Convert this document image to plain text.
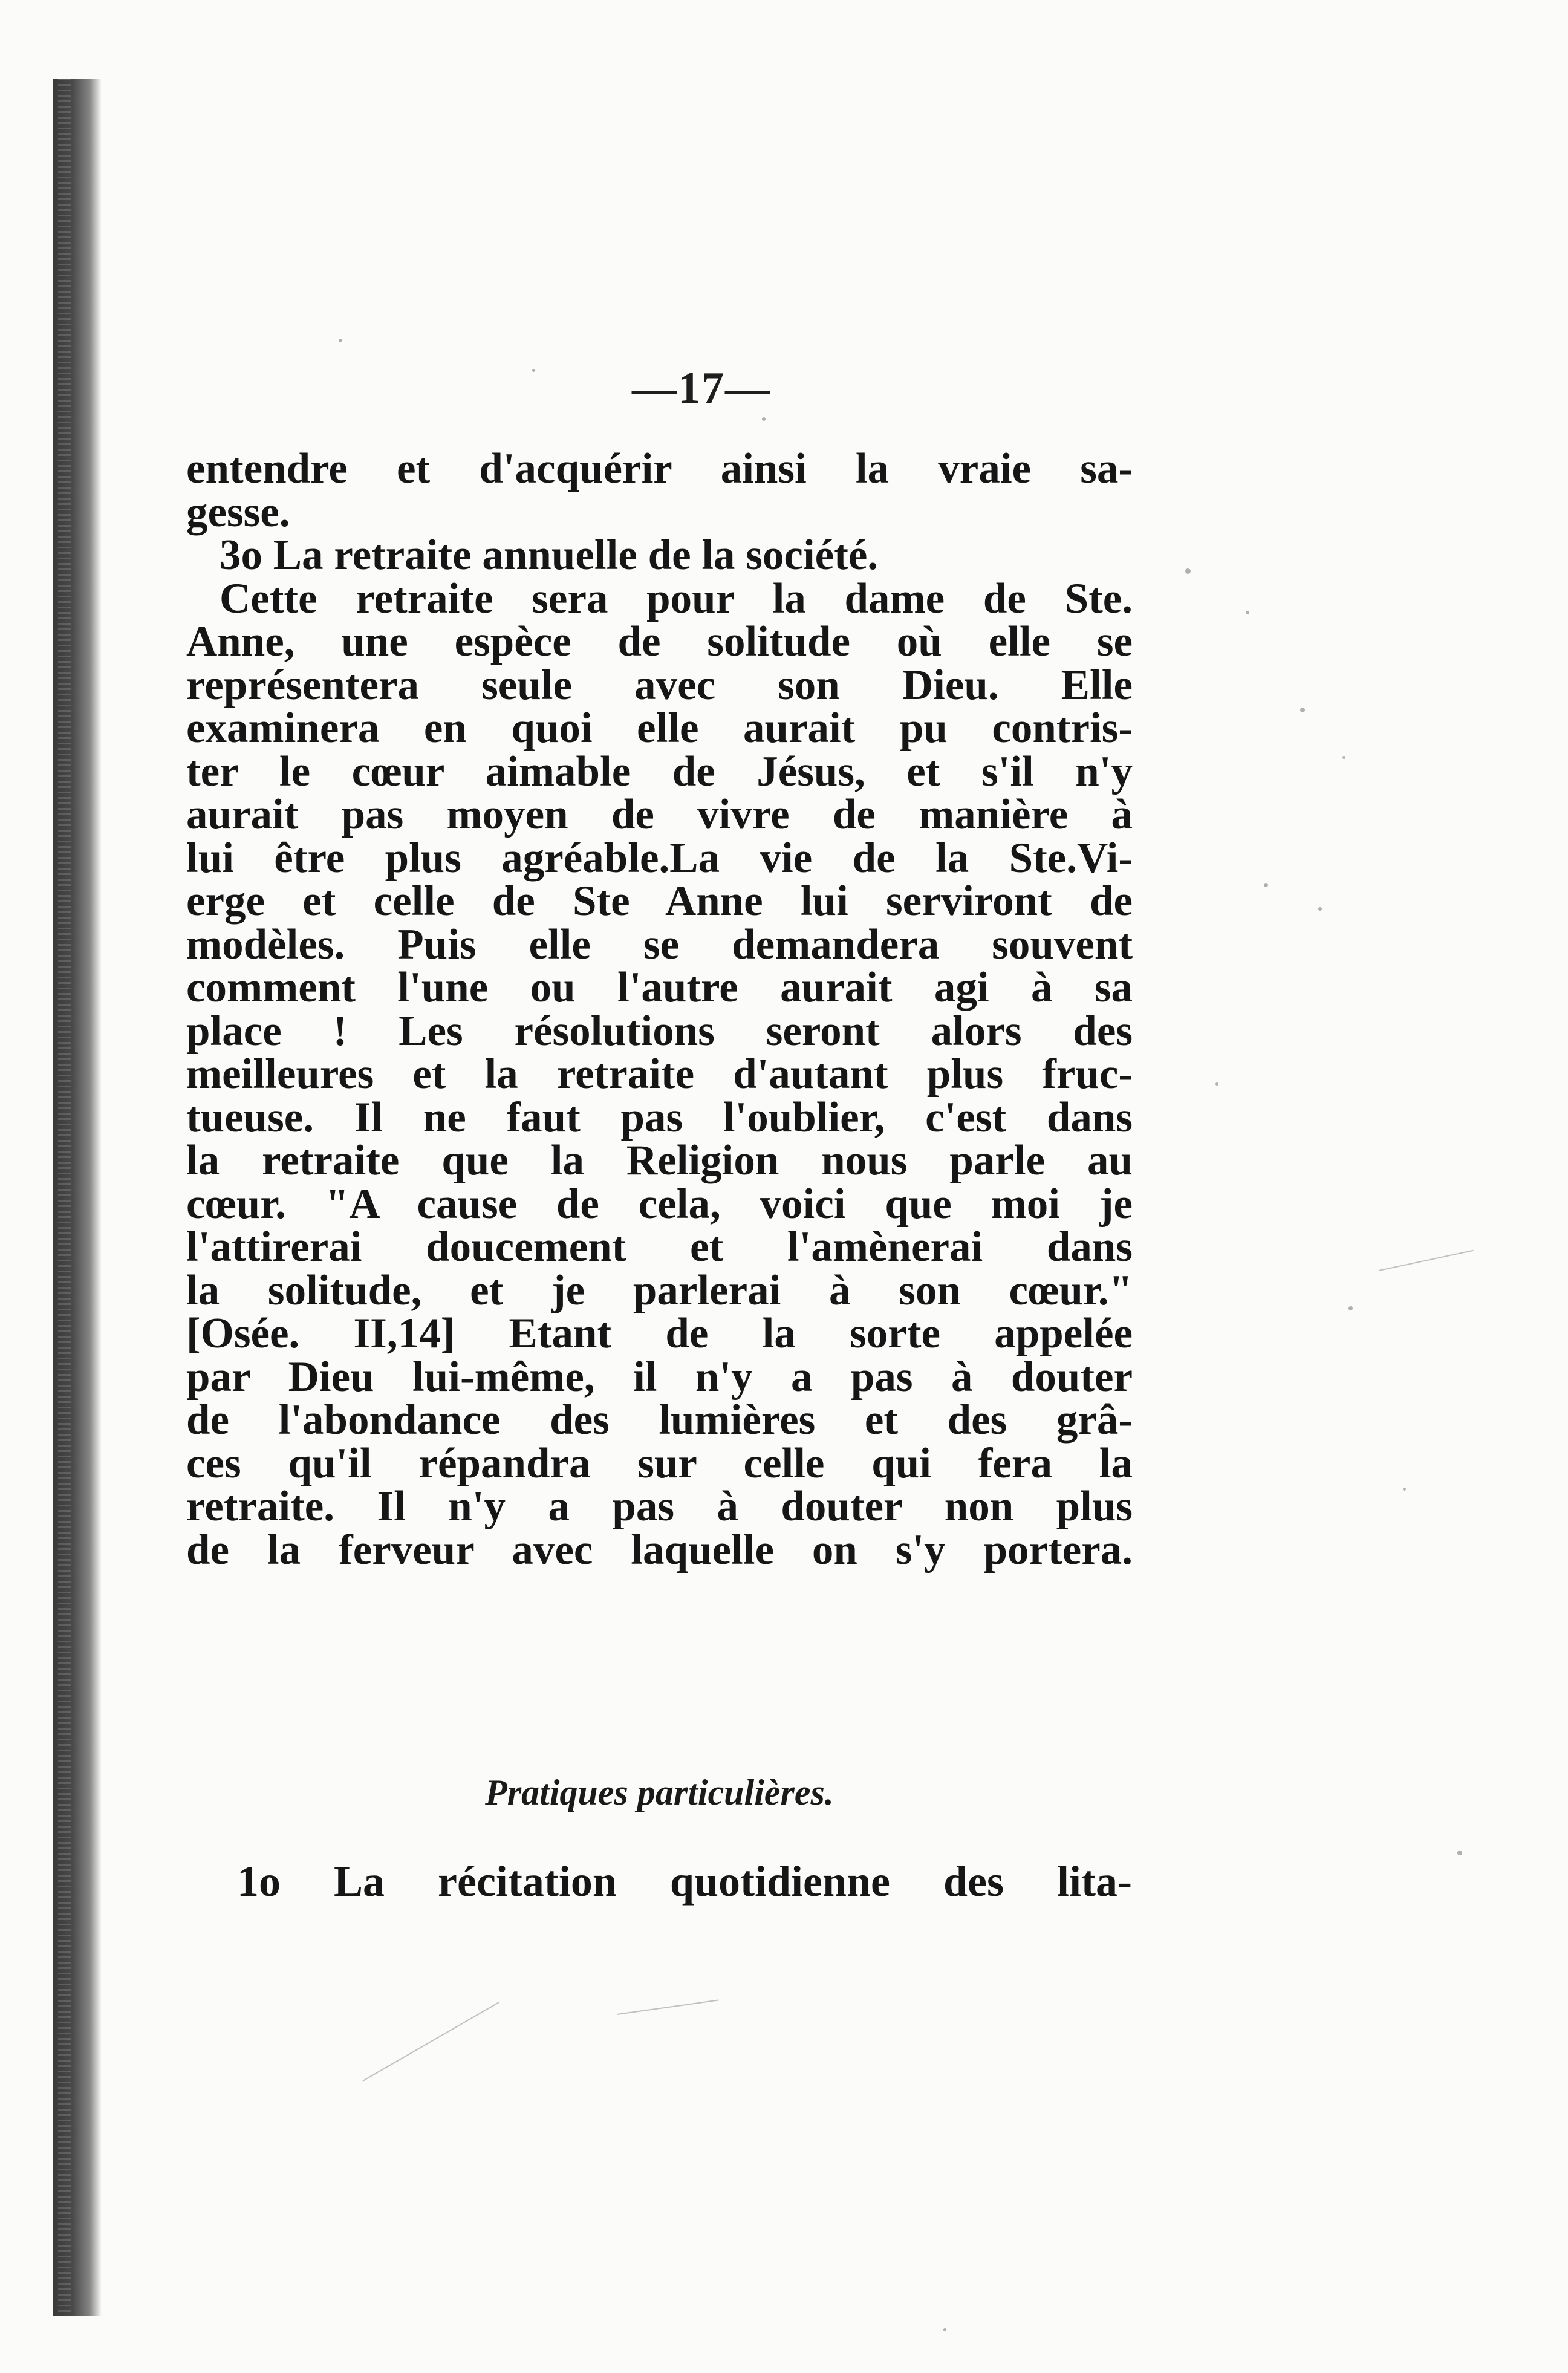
—17—
entendre et d'acquérir ainsi la vraie sa-
gesse.
3o La retraite annuelle de la société.
Cette retraite sera pour la dame de Ste.
Anne, une espèce de solitude où elle se
représentera seule avec son Dieu. Elle
examinera en quoi elle aurait pu contris-
ter le cœur aimable de Jésus, et s'il n'y
aurait pas moyen de vivre de manière à
lui être plus agréable.La vie de la Ste.Vi-
erge et celle de Ste Anne lui serviront de
modèles. Puis elle se demandera souvent
comment l'une ou l'autre aurait agi à sa
place ! Les résolutions seront alors des
meilleures et la retraite d'autant plus fruc-
tueuse. Il ne faut pas l'oublier, c'est dans
la retraite que la Religion nous parle au
cœur. "A cause de cela, voici que moi je
l'attirerai doucement et l'amènerai dans
la solitude, et je parlerai à son cœur."
[Osée. II,14] Etant de la sorte appelée
par Dieu lui-même, il n'y a pas à douter
de l'abondance des lumières et des grâ-
ces qu'il répandra sur celle qui fera la
retraite. Il n'y a pas à douter non plus
de la ferveur avec laquelle on s'y portera.
Pratiques particulières.
1o La récitation quotidienne des lita-
